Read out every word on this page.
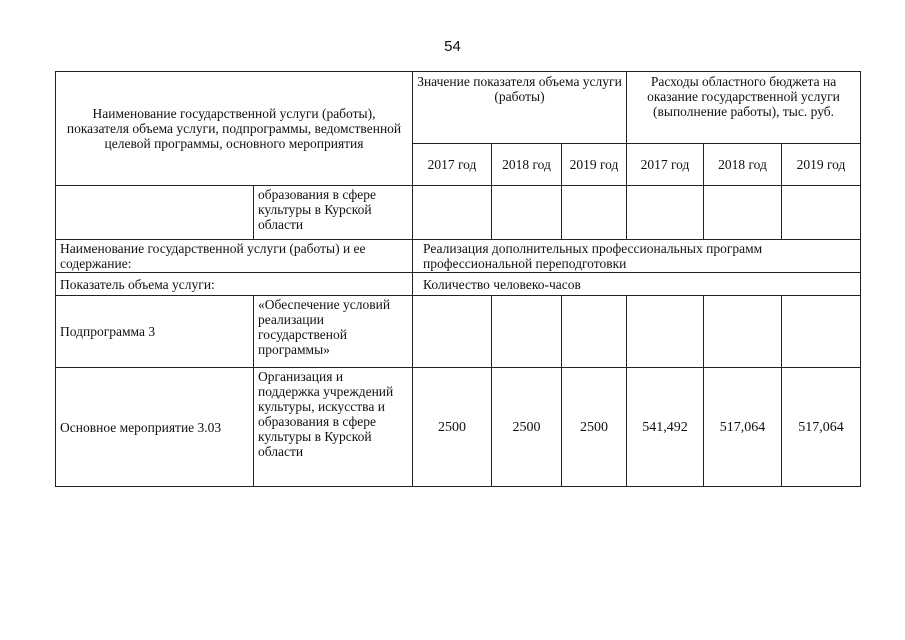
54
Наименование государственной услуги (работы), показателя объема услуги, подпрограммы, ведомственной целевой программы, основного мероприятия		Значение показателя объема услуги (работы)			Расходы областного бюджета на оказание государственной услуги (выполнение работы), тыс. руб.		
		2017 год	2018 год	2019 год	2017 год	2018 год	2019 год
	образования в сфере культуры в Курской области						
Наименование государственной услуги (работы) и ее содержание:		Реализация дополнительных профессиональных программ профессиональной переподготовки					
Показатель объема услуги:		Количество человеко-часов					
Подпрограмма 3	«Обеспечение условий реализации государственой программы»						
Основное мероприятие 3.03	Организация и поддержка учреждений культуры, искусства и образования в сфере культуры в Курской области	2500	2500	2500	541,492	517,064	517,064
